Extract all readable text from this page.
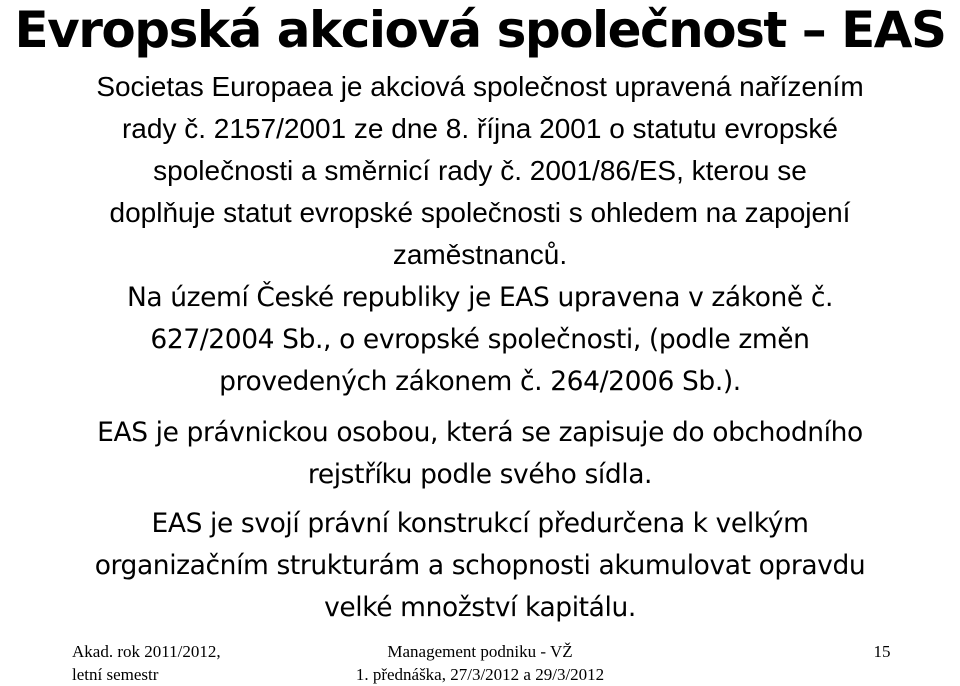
Evropská akciová společnost – EAS

Societas Europaea je akciová společnost upravená nařízením
rady č. 2157/2001 ze dne 8. října 2001 o statutu evropské
společnosti a směrnicí rady č. 2001/86/ES, kterou se
doplňuje statut evropské společnosti s ohledem na zapojení
zaměstnanců.

Na území České republiky je EAS upravena v zákoně č.
627/2004 Sb., o evropské společnosti, (podle změn
provedených zákonem č. 264/2006 Sb.).

EAS je právnickou osobou, která se zapisuje do obchodního
rejstříku podle svého sídla.

EAS je svojí právní konstrukcí předurčena k velkým
organizačním strukturám a schopnosti akumulovat opravdu
velké množství kapitálu.

Akad. rok 2011/2012,
letní semestr
Management podniku - VŽ
1. přednáška, 27/3/2012 a 29/3/2012
15
